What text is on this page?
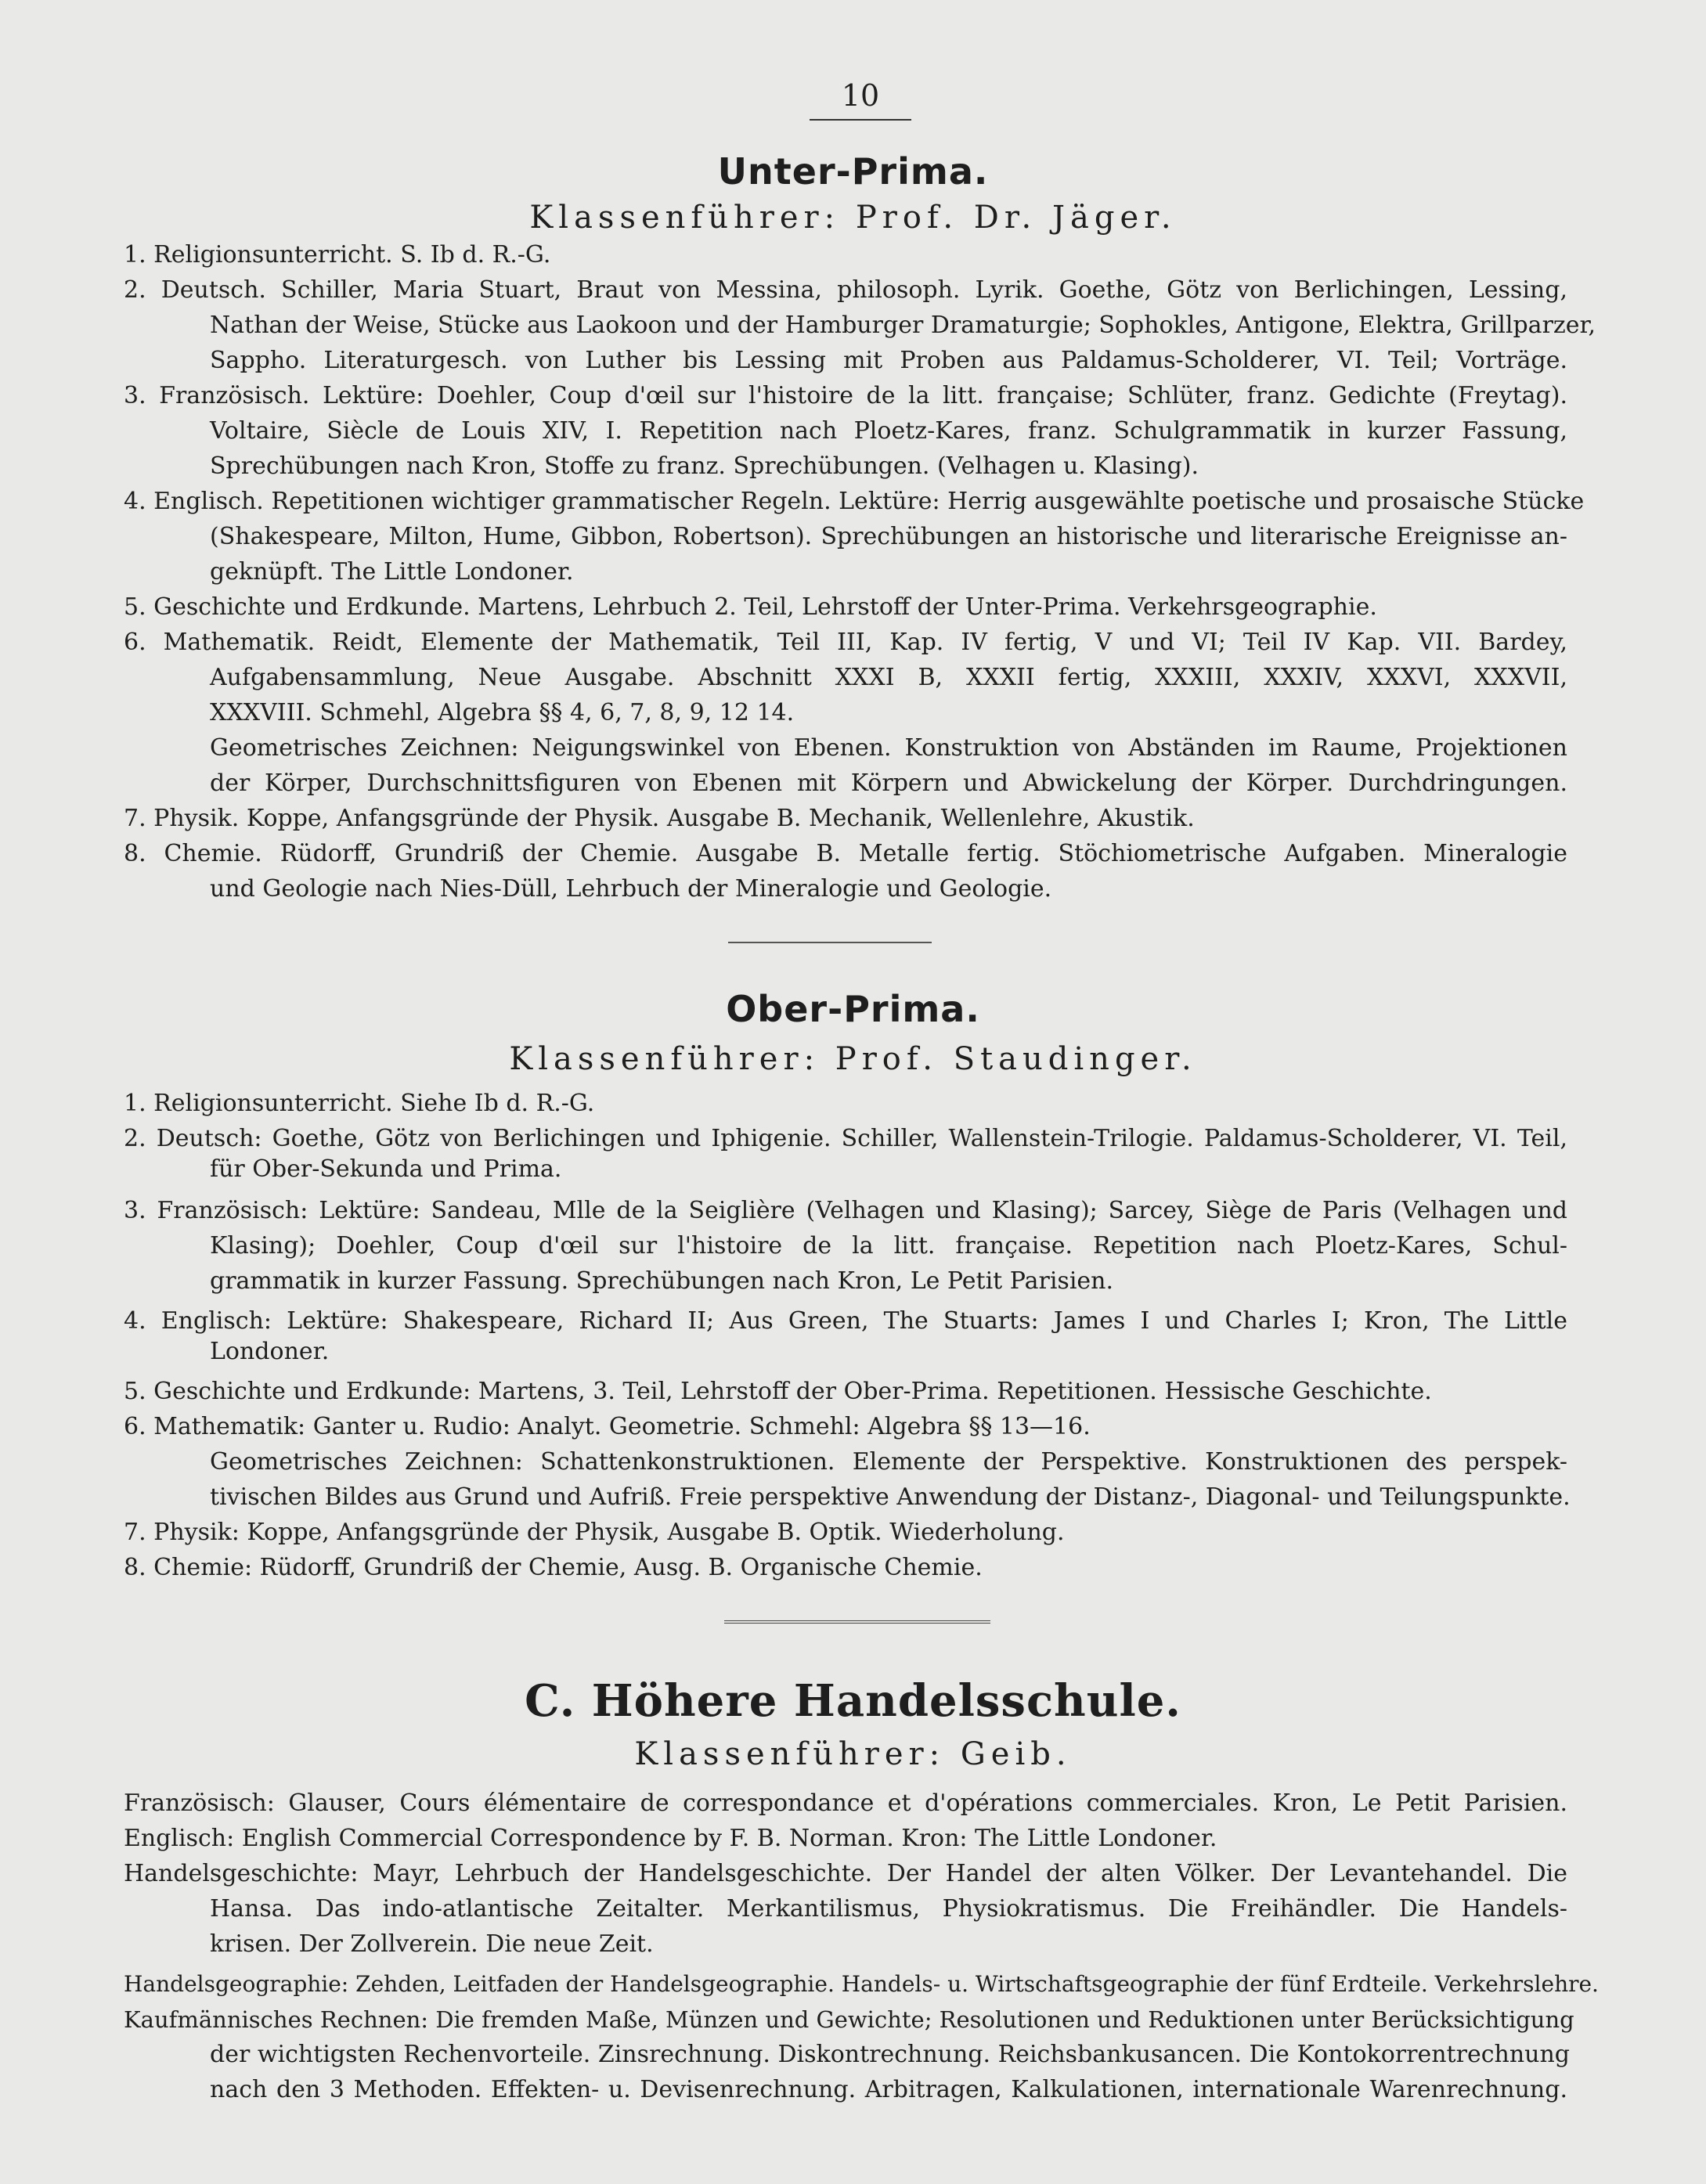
10
Unter-Prima.
Klassenführer: Prof. Dr. Jäger.
1. Religionsunterricht. S. Ib d. R.-G.
2. Deutsch. Schiller, Maria Stuart, Braut von Messina, philosoph. Lyrik. Goethe, Götz von Berlichingen, Lessing,
Nathan der Weise, Stücke aus Laokoon und der Hamburger Dramaturgie; Sophokles, Antigone, Elektra, Grillparzer,
Sappho. Literaturgesch. von Luther bis Lessing mit Proben aus Paldamus-Scholderer, VI. Teil; Vorträge.
3. Französisch. Lektüre: Doehler, Coup d'œil sur l'histoire de la litt. française; Schlüter, franz. Gedichte (Freytag).
Voltaire, Siècle de Louis XIV, I. Repetition nach Ploetz-Kares, franz. Schulgrammatik in kurzer Fassung,
Sprechübungen nach Kron, Stoffe zu franz. Sprechübungen. (Velhagen u. Klasing).
4. Englisch. Repetitionen wichtiger grammatischer Regeln. Lektüre: Herrig ausgewählte poetische und prosaische Stücke
(Shakespeare, Milton, Hume, Gibbon, Robertson). Sprechübungen an historische und literarische Ereignisse an-
geknüpft. The Little Londoner.
5. Geschichte und Erdkunde. Martens, Lehrbuch 2. Teil, Lehrstoff der Unter-Prima. Verkehrsgeographie.
6. Mathematik. Reidt, Elemente der Mathematik, Teil III, Kap. IV fertig, V und VI; Teil IV Kap. VII. Bardey,
Aufgabensammlung, Neue Ausgabe. Abschnitt XXXI B, XXXII fertig, XXXIII, XXXIV, XXXVI, XXXVII,
XXXVIII. Schmehl, Algebra §§ 4, 6, 7, 8, 9, 12 14.
Geometrisches Zeichnen: Neigungswinkel von Ebenen. Konstruktion von Abständen im Raume, Projektionen
der Körper, Durchschnittsfiguren von Ebenen mit Körpern und Abwickelung der Körper. Durchdringungen.
7. Physik. Koppe, Anfangsgründe der Physik. Ausgabe B. Mechanik, Wellenlehre, Akustik.
8. Chemie. Rüdorff, Grundriß der Chemie. Ausgabe B. Metalle fertig. Stöchiometrische Aufgaben. Mineralogie
und Geologie nach Nies-Düll, Lehrbuch der Mineralogie und Geologie.
Ober-Prima.
Klassenführer: Prof. Staudinger.
1. Religionsunterricht. Siehe Ib d. R.-G.
2. Deutsch: Goethe, Götz von Berlichingen und Iphigenie. Schiller, Wallenstein-Trilogie. Paldamus-Scholderer, VI. Teil,
für Ober-Sekunda und Prima.
3. Französisch: Lektüre: Sandeau, Mlle de la Seiglière (Velhagen und Klasing); Sarcey, Siège de Paris (Velhagen und
Klasing); Doehler, Coup d'œil sur l'histoire de la litt. française. Repetition nach Ploetz-Kares, Schul-
grammatik in kurzer Fassung. Sprechübungen nach Kron, Le Petit Parisien.
4. Englisch: Lektüre: Shakespeare, Richard II; Aus Green, The Stuarts: James I und Charles I; Kron, The Little
Londoner.
5. Geschichte und Erdkunde: Martens, 3. Teil, Lehrstoff der Ober-Prima. Repetitionen. Hessische Geschichte.
6. Mathematik: Ganter u. Rudio: Analyt. Geometrie. Schmehl: Algebra §§ 13—16.
Geometrisches Zeichnen: Schattenkonstruktionen. Elemente der Perspektive. Konstruktionen des perspek-
tivischen Bildes aus Grund und Aufriß. Freie perspektive Anwendung der Distanz-, Diagonal- und Teilungspunkte.
7. Physik: Koppe, Anfangsgründe der Physik, Ausgabe B. Optik. Wiederholung.
8. Chemie: Rüdorff, Grundriß der Chemie, Ausg. B. Organische Chemie.
C. Höhere Handelsschule.
Klassenführer: Geib.
Französisch: Glauser, Cours élémentaire de correspondance et d'opérations commerciales. Kron, Le Petit Parisien.
Englisch: English Commercial Correspondence by F. B. Norman. Kron: The Little Londoner.
Handelsgeschichte: Mayr, Lehrbuch der Handelsgeschichte. Der Handel der alten Völker. Der Levantehandel. Die
Hansa. Das indo-atlantische Zeitalter. Merkantilismus, Physiokratismus. Die Freihändler. Die Handels-
krisen. Der Zollverein. Die neue Zeit.
Handelsgeographie: Zehden, Leitfaden der Handelsgeographie. Handels- u. Wirtschaftsgeographie der fünf Erdteile. Verkehrslehre.
Kaufmännisches Rechnen: Die fremden Maße, Münzen und Gewichte; Resolutionen und Reduktionen unter Berücksichtigung
der wichtigsten Rechenvorteile. Zinsrechnung. Diskontrechnung. Reichsbankusancen. Die Kontokorrentrechnung
nach den 3 Methoden. Effekten- u. Devisenrechnung. Arbitragen, Kalkulationen, internationale Warenrechnung.
